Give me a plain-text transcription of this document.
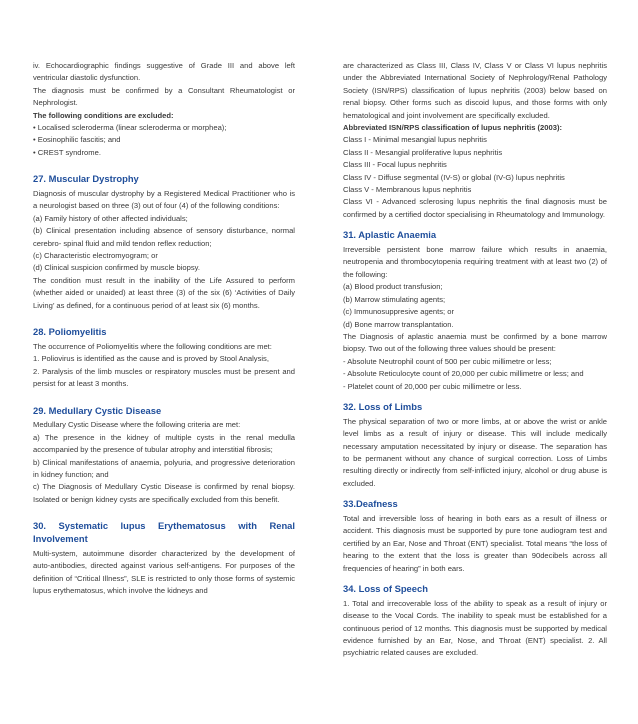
iv. Echocardiographic findings suggestive of Grade III and above left ventricular diastolic dysfunction.

The diagnosis must be confirmed by a Consultant Rheumatologist or Nephrologist.

The following conditions are excluded:

• Localised scleroderma (linear scleroderma or morphea);

• Eosinophilic fascitis; and

• CREST syndrome.

27. Muscular Dystrophy

Diagnosis of muscular dystrophy by a Registered Medical Practitioner who is a neurologist based on three (3) out of four (4) of the following conditions:

(a) Family history of other affected individuals;

(b) Clinical presentation including absence of sensory disturbance, normal cerebro- spinal fluid and mild tendon reflex reduction;

(c) Characteristic electromyogram; or

(d) Clinical suspicion confirmed by muscle biopsy.

The condition must result in the inability of the Life Assured to perform (whether aided or unaided) at least three (3) of the six (6) ‘Activities of Daily Living’ as defined, for a continuous period of at least six (6) months.

28. Poliomyelitis

The occurrence of Poliomyelitis where the following conditions are met:

1. Poliovirus is identified as the cause and is proved by Stool Analysis,

2. Paralysis of the limb muscles or respiratory muscles must be present and persist for at least 3 months.

29. Medullary Cystic Disease

Medullary Cystic Disease where the following criteria are met:

a) The presence in the kidney of multiple cysts in the renal medulla accompanied by the presence of tubular atrophy and interstitial fibrosis;

b) Clinical manifestations of anaemia, polyuria, and progressive deterioration in kidney function; and

c) The Diagnosis of Medullary Cystic Disease is confirmed by renal biopsy. Isolated or benign kidney cysts are specifically excluded from this benefit.

30. Systematic lupus Erythematosus with Renal Involvement

Multi-system, autoimmune disorder characterized by the development of auto-antibodies, directed against various self-antigens. For purposes of the definition of “Critical Illness”, SLE is restricted to only those forms of systemic lupus erythematosus, which involve the kidneys and

are characterized as Class III, Class IV, Class V or Class VI lupus nephritis under the Abbreviated International Society of Nephrology/Renal Pathology Society (ISN/RPS) classification of lupus nephritis (2003) below based on renal biopsy. Other forms such as discoid lupus, and those forms with only hematological and joint involvement are specifically excluded.

Abbreviated ISN/RPS classification of lupus nephritis (2003):

Class I - Minimal mesangial lupus nephritis

Class II - Mesangial proliferative lupus nephritis

Class III - Focal lupus nephritis

Class IV - Diffuse segmental (IV-S) or global (IV-G) lupus nephritis

Class V - Membranous lupus nephritis

Class VI - Advanced sclerosing lupus nephritis the final diagnosis must be confirmed by a certified doctor specialising in Rheumatology and Immunology.

31. Aplastic Anaemia

Irreversible persistent bone marrow failure which results in anaemia, neutropenia and thrombocytopenia requiring treatment with at least two (2) of the following:

(a) Blood product transfusion;

(b) Marrow stimulating agents;

(c) Immunosuppresive agents; or

(d) Bone marrow transplantation.

The Diagnosis of aplastic anaemia must be confirmed by a bone marrow biopsy. Two out of the following three values should be present:

- Absolute Neutrophil count of 500 per cubic millimetre or less;

- Absolute Reticulocyte count of 20,000 per cubic millimetre or less; and

- Platelet count of 20,000 per cubic millimetre or less.

32. Loss of Limbs

The physical separation of two or more limbs, at or above the wrist or ankle level limbs as a result of injury or disease. This will include medically necessary amputation necessitated by injury or disease. The separation has to be permanent without any chance of surgical correction. Loss of Limbs resulting directly or indirectly from self-inflicted injury, alcohol or drug abuse is excluded.

33.Deafness

Total and irreversible loss of hearing in both ears as a result of illness or accident. This diagnosis must be supported by pure tone audiogram test and certified by an Ear, Nose and Throat (ENT) specialist. Total means “the loss of hearing to the extent that the loss is greater than 90decibels across all frequencies of hearing” in both ears.

34. Loss of Speech

1. Total and irrecoverable loss of the ability to speak as a result of injury or disease to the Vocal Cords. The inability to speak must be established for a continuous period of 12 months. This diagnosis must be supported by medical evidence furnished by an Ear, Nose, and Throat (ENT) specialist. 2. All psychiatric related causes are excluded.
